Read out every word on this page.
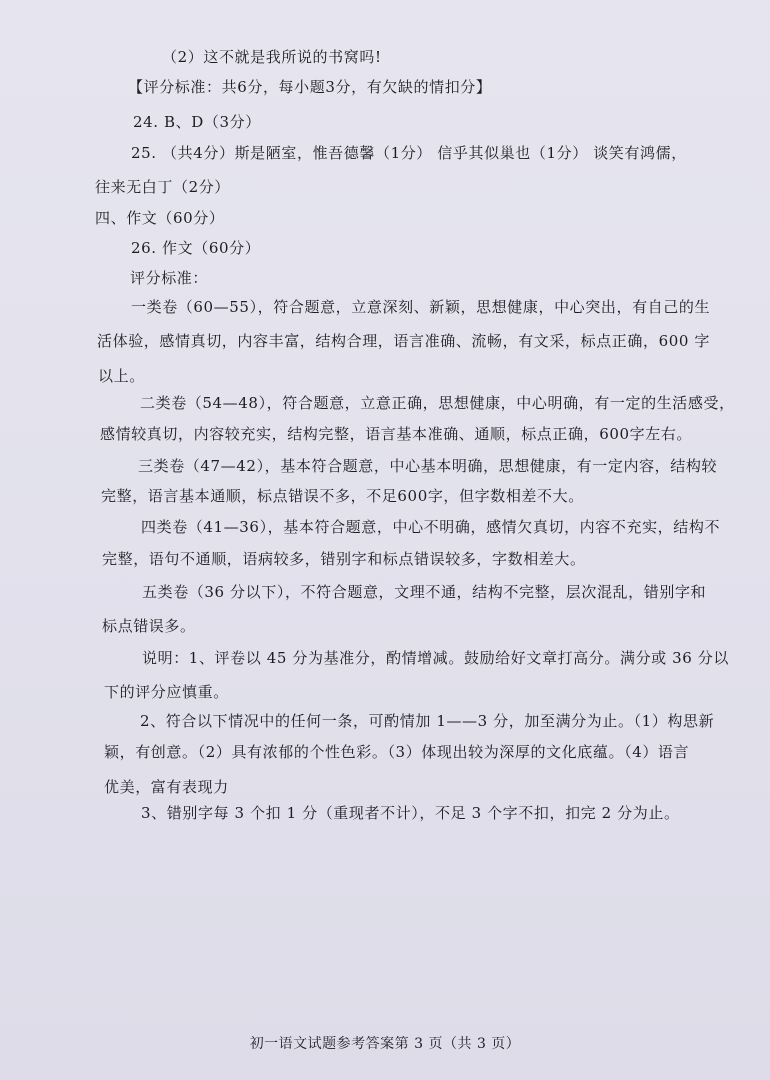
（2）这不就是我所说的书窝吗!
【评分标准：共6分，每小题3分，有欠缺的情扣分】
24. B、D（3分）
25. （共4分）斯是陋室，惟吾德馨（1分） 信乎其似巢也（1分） 谈笑有鸿儒，
往来无白丁（2分）
四、作文（60分）
26. 作文（60分）
评分标准：
一类卷（60—55），符合题意，立意深刻、新颖，思想健康，中心突出，有自己的生
活体验，感情真切，内容丰富，结构合理，语言准确、流畅，有文采，标点正确，600 字
以上。
二类卷（54—48），符合题意，立意正确，思想健康，中心明确，有一定的生活感受，
感情较真切，内容较充实，结构完整，语言基本准确、通顺，标点正确，600字左右。
三类卷（47—42），基本符合题意，中心基本明确，思想健康，有一定内容，结构较
完整，语言基本通顺，标点错误不多，不足600字，但字数相差不大。
四类卷（41—36），基本符合题意，中心不明确，感情欠真切，内容不充实，结构不
完整，语句不通顺，语病较多，错别字和标点错误较多，字数相差大。
五类卷（36 分以下），不符合题意，文理不通，结构不完整，层次混乱，错别字和
标点错误多。
说明：1、评卷以 45 分为基准分，酌情增减。鼓励给好文章打高分。满分或 36 分以
下的评分应慎重。
2、符合以下情况中的任何一条，可酌情加 1——3 分，加至满分为止。（1）构思新
颖，有创意。（2）具有浓郁的个性色彩。（3）体现出较为深厚的文化底蕴。（4）语言
优美，富有表现力
3、错别字每 3 个扣 1 分（重现者不计），不足 3 个字不扣，扣完 2 分为止。
初一语文试题参考答案第 3 页（共 3 页）
